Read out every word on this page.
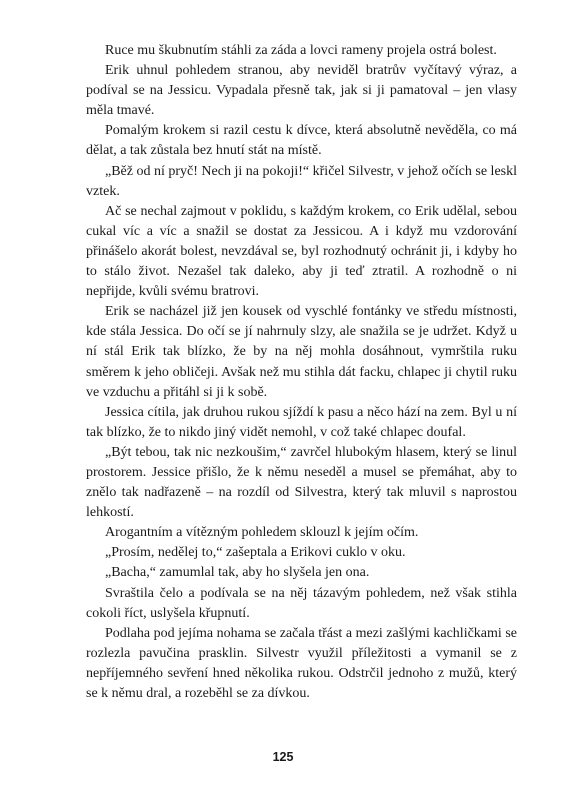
Ruce mu škubnutím stáhli za záda a lovci rameny projela ostrá bolest.

Erik uhnul pohledem stranou, aby neviděl bratrův vyčítavý výraz, a podíval se na Jessicu. Vypadala přesně tak, jak si ji pamatoval – jen vlasy měla tmavé.

Pomalým krokem si razil cestu k dívce, která absolutně nevěděla, co má dělat, a tak zůstala bez hnutí stát na místě.

„Běž od ní pryč! Nech ji na pokoji!“ křičel Silvestr, v jehož očích se leskl vztek.

Ač se nechal zajmout v poklidu, s každým krokem, co Erik udělal, sebou cukal víc a víc a snažil se dostat za Jessicou. A i když mu vzdorování přinášelo akorát bolest, nevzdával se, byl rozhodnutý ochránit ji, i kdyby ho to stálo život. Nezašel tak daleko, aby ji teď ztratil. A rozhodně o ni nepřijde, kvůli svému bratrovi.

Erik se nacházel již jen kousek od vyschlé fontánky ve středu místnosti, kde stála Jessica. Do očí se jí nahrnuly slzy, ale snažila se je udržet. Když u ní stál Erik tak blízko, že by na něj mohla dosáhnout, vymrštila ruku směrem k jeho obličeji. Avšak než mu stihla dát facku, chlapec ji chytil ruku ve vzduchu a přitáhl si ji k sobě.

Jessica cítila, jak druhou rukou sjíždí k pasu a něco hází na zem. Byl u ní tak blízko, že to nikdo jiný vidět nemohl, v což také chlapec doufal.

„Být tebou, tak nic nezkoušim,“ zavrčel hlubokým hlasem, který se linul prostorem. Jessice přišlo, že k němu neseděl a musel se přemáhat, aby to znělo tak nadřazeně – na rozdíl od Silvestra, který tak mluvil s naprostou lehkostí.

Arogantním a vítězným pohledem sklouzl k jejím očím.

„Prosím, nedělej to,“ zašeptala a Erikovi cuklo v oku.

„Bacha,“ zamumlal tak, aby ho slyšela jen ona.

Svraštila čelo a podívala se na něj tázavým pohledem, než však stihla cokoli říct, uslyšela křupnutí.

Podlaha pod jejíma nohama se začala třást a mezi zašlými kachličkami se rozlezla pavučina prasklin. Silvestr využil příležitosti a vymanil se z nepříjemného sevření hned několika rukou. Odstrčil jednoho z mužů, který se k němu dral, a rozeběhl se za dívkou.

125
